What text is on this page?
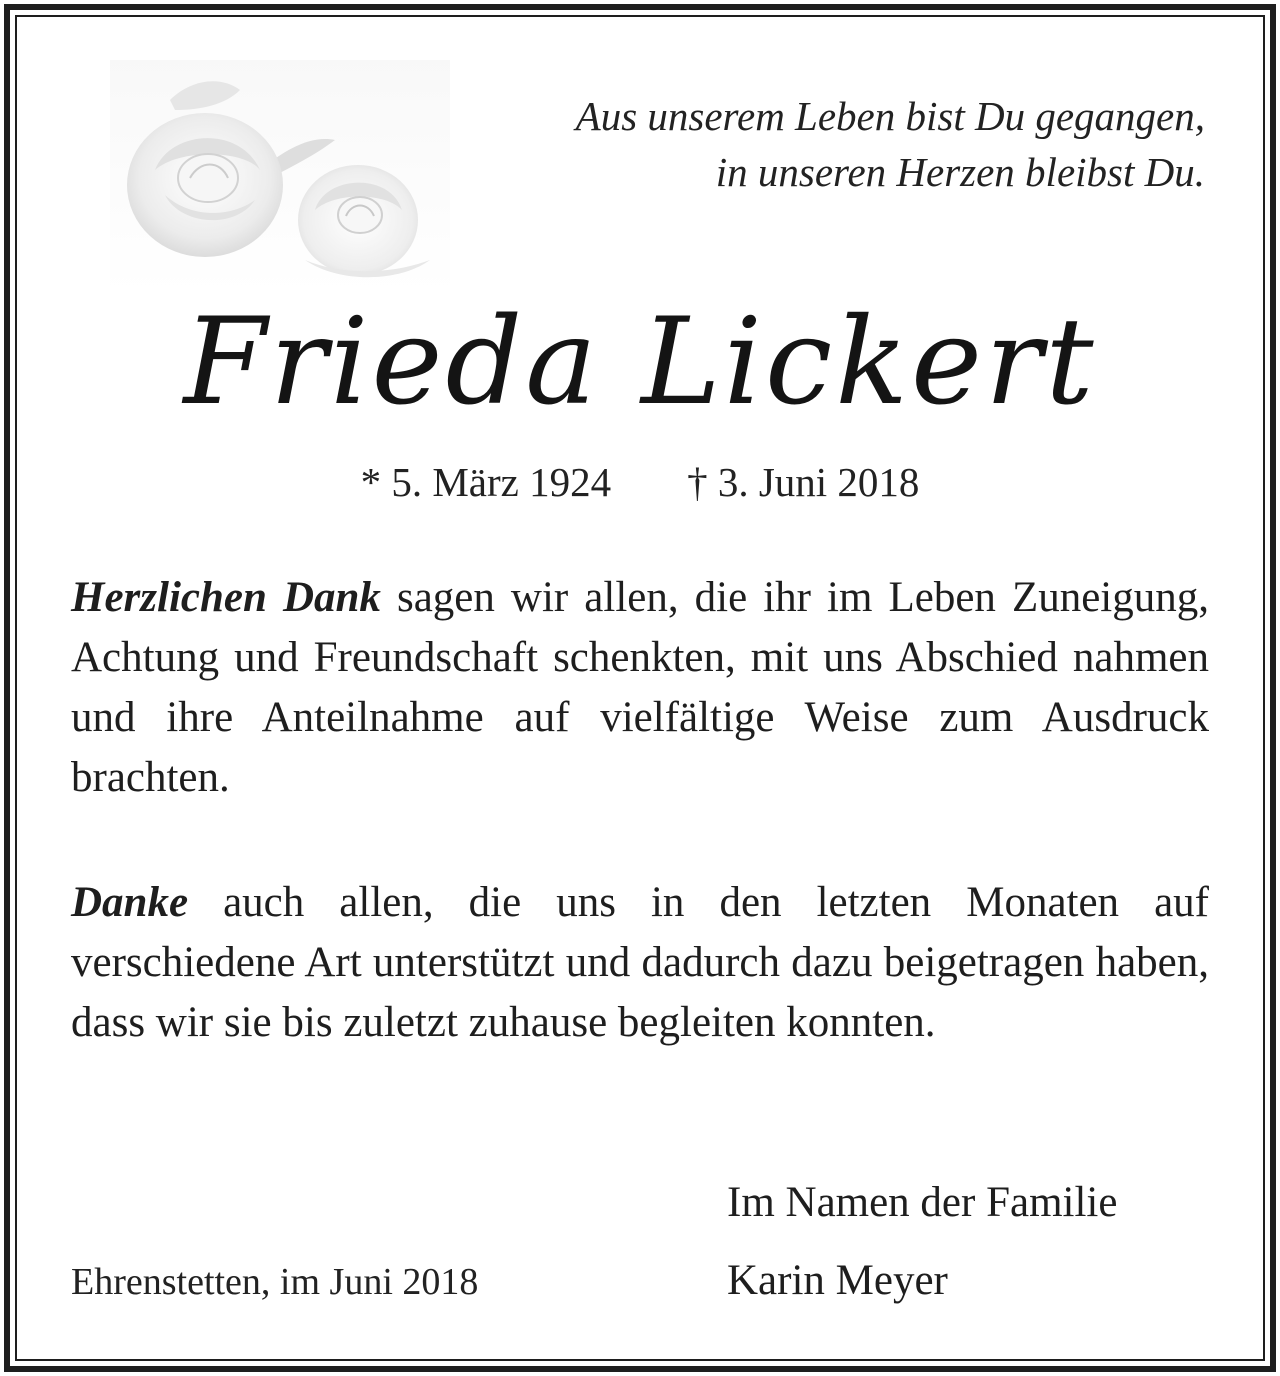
Aus unserem Leben bist Du gegangen,
in unseren Herzen bleibst Du.
Frieda Lickert
* 5. März 1924 † 3. Juni 2018
Herzlichen Dank sagen wir allen, die ihr im Leben Zuneigung, Achtung und Freundschaft schenkten, mit uns Abschied nahmen und ihre Anteilnahme auf vielfältige Weise zum Ausdruck brachten.
Danke auch allen, die uns in den letzten Monaten auf verschiedene Art unterstützt und dadurch dazu beigetragen haben, dass wir sie bis zuletzt zuhause begleiten konnten.
Im Namen der Familie
Ehrenstetten, im Juni 2018	Karin Meyer
